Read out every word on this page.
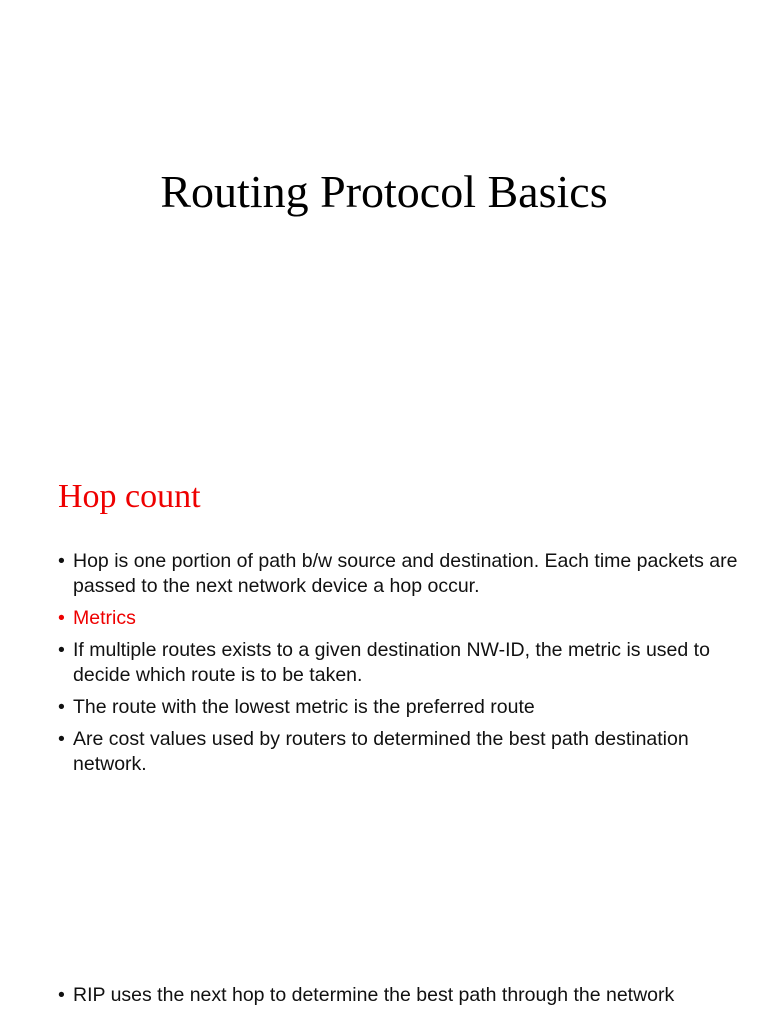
Routing Protocol Basics
Hop count
• Hop is one portion of path b/w source and destination. Each time packets are passed to the next network device a hop occur.
• Metrics
• If multiple routes exists to a given destination NW-ID, the metric is used to decide which route is to be taken.
• The route with the lowest metric is the preferred route
• Are cost values used by routers to determined the best path destination network.
• RIP uses the next hop to determine the best path through the network
